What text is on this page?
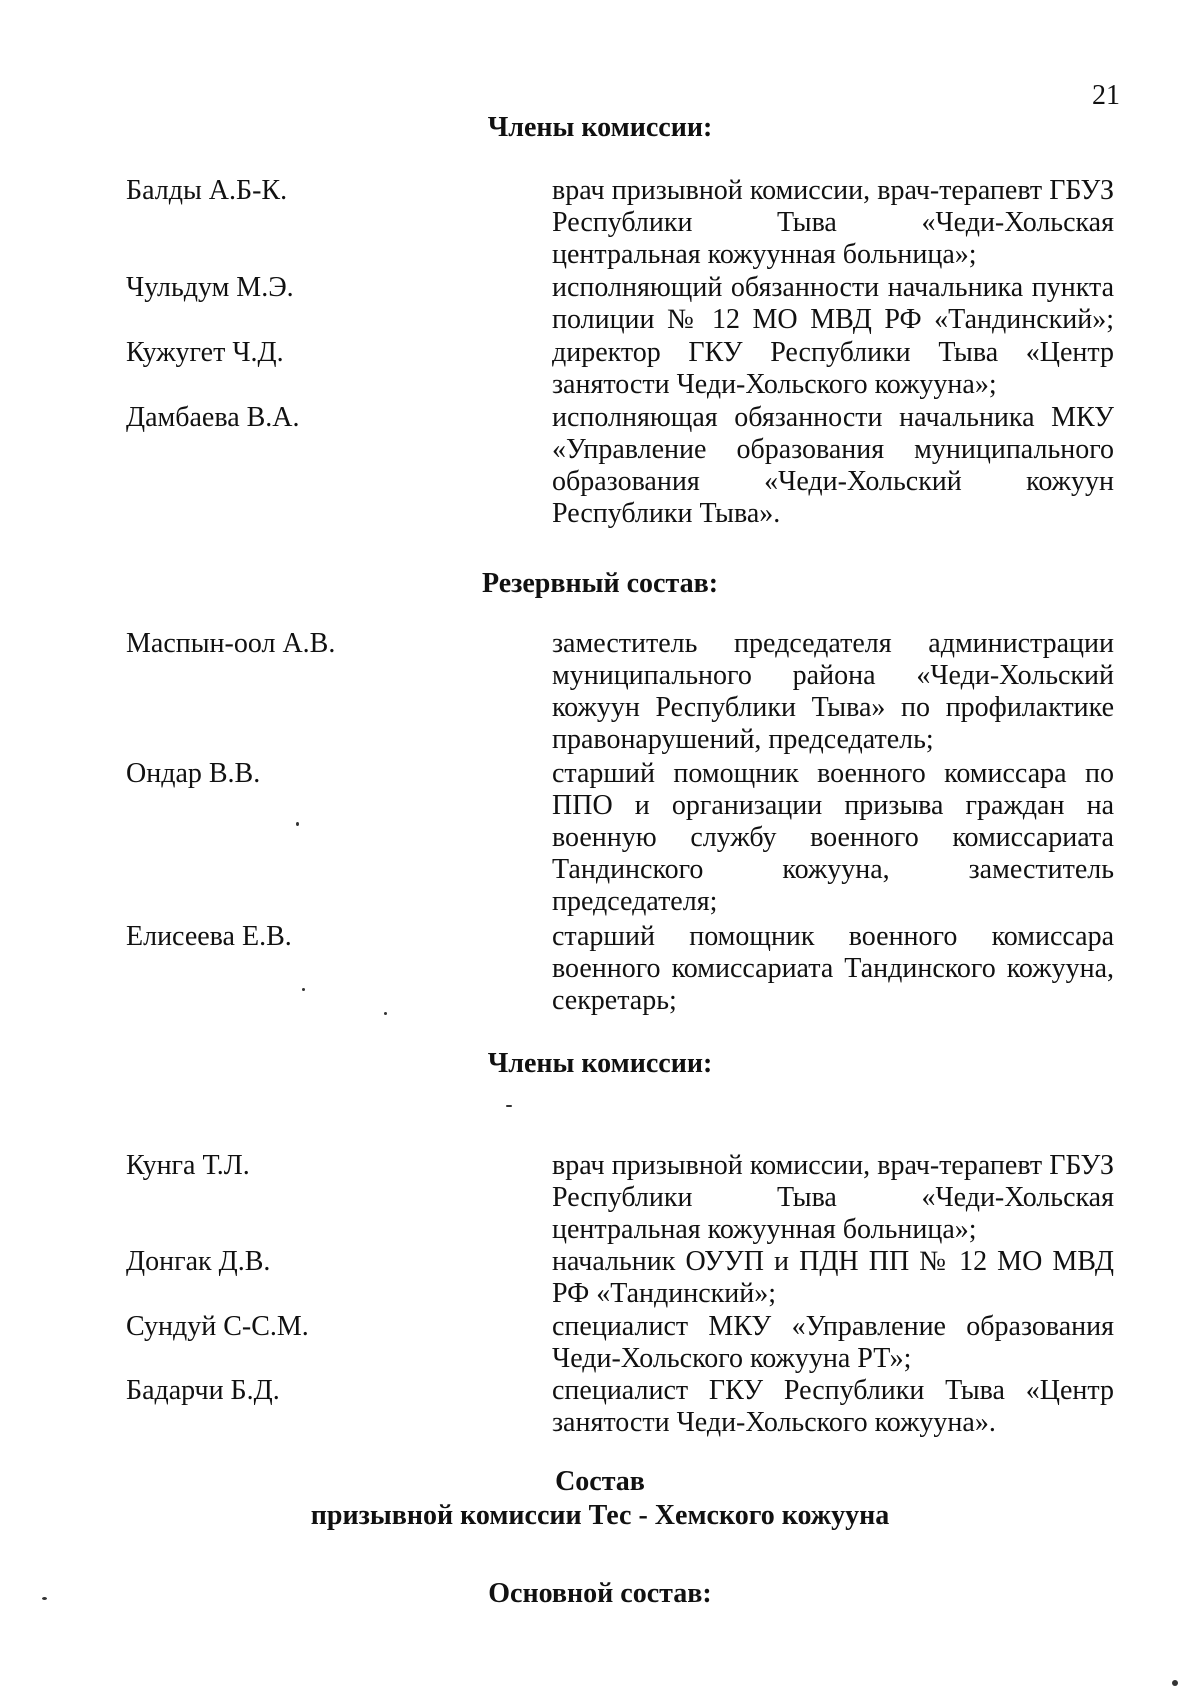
21
Члены комиссии:
Балды А.Б-К.	врач призывной комиссии, врач-терапевт ГБУЗ Республики Тыва «Чеди-Хольская центральная кожуунная больница»;
Чульдум М.Э.	исполняющий обязанности начальника пункта полиции № 12 МО МВД РФ «Тандинский»;
Кужугет Ч.Д.	директор ГКУ Республики Тыва «Центр занятости Чеди-Хольского кожууна»;
Дамбаева В.А.	исполняющая обязанности начальника МКУ «Управление образования муниципального образования «Чеди-Хольский кожуун Республики Тыва».
Резервный состав:
Маспын-оол А.В.	заместитель председателя администрации муниципального района «Чеди-Хольский кожуун Республики Тыва» по профилактике правонарушений, председатель;
Ондар В.В.	старший помощник военного комиссара по ППО и организации призыва граждан на военную службу военного комиссариата Тандинского кожууна, заместитель председателя;
Елисеева Е.В.	старший помощник военного комиссара военного комиссариата Тандинского кожууна, секретарь;
Члены комиссии:
Кунга Т.Л.	врач призывной комиссии, врач-терапевт ГБУЗ Республики Тыва «Чеди-Хольская центральная кожуунная больница»;
Донгак Д.В.	начальник ОУУП и ПДН ПП № 12 МО МВД РФ «Тандинский»;
Сундуй С-С.М.	специалист МКУ «Управление образования Чеди-Хольского кожууна РТ»;
Бадарчи Б.Д.	специалист ГКУ Республики Тыва «Центр занятости Чеди-Хольского кожууна».
Состав
призывной комиссии Тес - Хемского кожууна
Основной состав:
